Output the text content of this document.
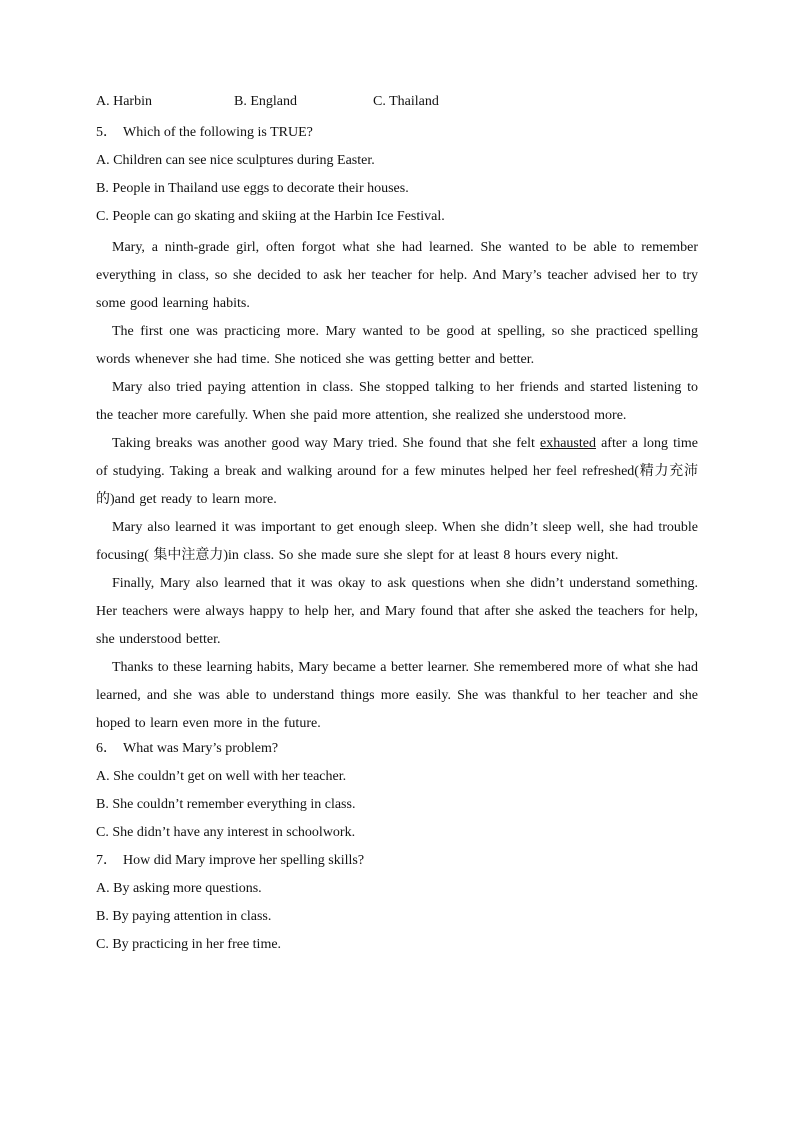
A. Harbin	B. England	C. Thailand
5． Which of the following is TRUE?
A. Children can see nice sculptures during Easter.
B. People in Thailand use eggs to decorate their houses.
C. People can go skating and skiing at the Harbin Ice Festival.

Mary, a ninth-grade girl, often forgot what she had learned. She wanted to be able to remember everything in class, so she decided to ask her teacher for help. And Mary’s teacher advised her to try some good learning habits.

The first one was practicing more. Mary wanted to be good at spelling, so she practiced spelling words whenever she had time. She noticed she was getting better and better.

Mary also tried paying attention in class. She stopped talking to her friends and started listening to the teacher more carefully. When she paid more attention, she realized she understood more.

Taking breaks was another good way Mary tried. She found that she felt exhausted after a long time of studying. Taking a break and walking around for a few minutes helped her feel refreshed(精力充沛的)and get ready to learn more.

Mary also learned it was important to get enough sleep. When she didn’t sleep well, she had trouble focusing( 集中注意力)in class. So she made sure she slept for at least 8 hours every night.

Finally, Mary also learned that it was okay to ask questions when she didn’t understand something. Her teachers were always happy to help her, and Mary found that after she asked the teachers for help, she understood better.

Thanks to these learning habits, Mary became a better learner. She remembered more of what she had learned, and she was able to understand things more easily. She was thankful to her teacher and she hoped to learn even more in the future.

6． What was Mary’s problem?
A. She couldn’t get on well with her teacher.
B. She couldn’t remember everything in class.
C. She didn’t have any interest in schoolwork.
7． How did Mary improve her spelling skills?
A. By asking more questions.
B. By paying attention in class.
C. By practicing in her free time.
